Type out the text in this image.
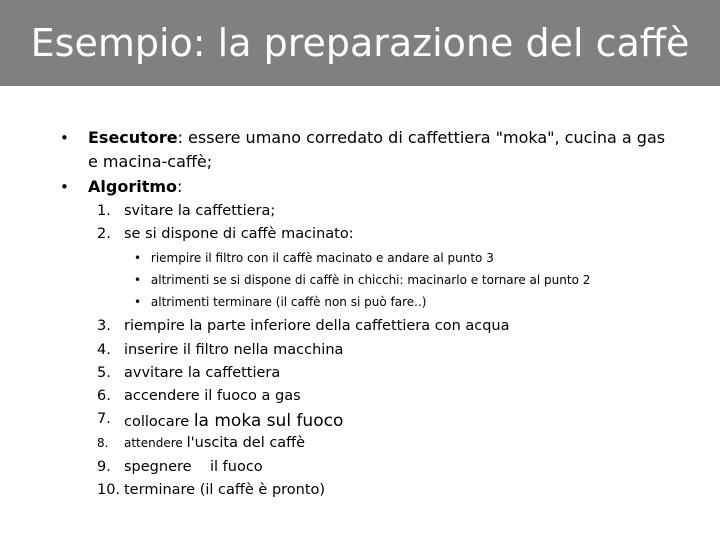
Esempio: la preparazione del caffè
• Esecutore: essere umano corredato di caffettiera "moka", cucina a gas
e macina-caffè;
• Algoritmo:
1. svitare la caffettiera;
2. se si dispone di caffè macinato:
• riempire il filtro con il caffè macinato e andare al punto 3
• altrimenti se si dispone di caffè in chicchi: macinarlo e tornare al punto 2
• altrimenti terminare (il caffè non si può fare..)
3. riempire la parte inferiore della caffettiera con acqua
4. inserire il filtro nella macchina
5. avvitare la caffettiera
6. accendere il fuoco a gas
7. collocare la moka sul fuoco
8. attendere l'uscita del caffè
9. spegnere    il fuoco
10. terminare (il caffè è pronto)
